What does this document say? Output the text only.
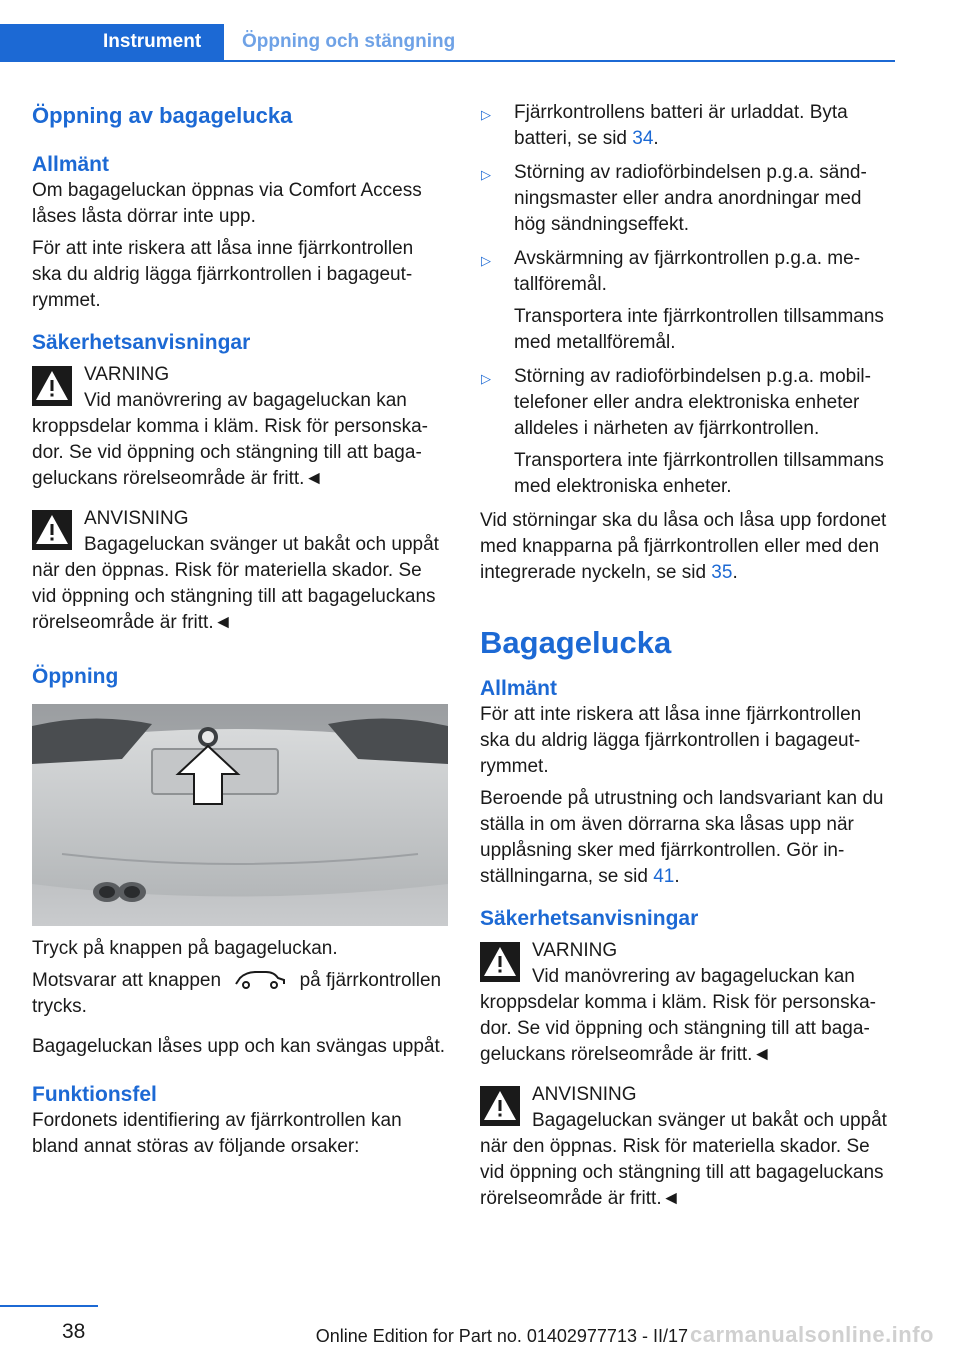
Instrument	Öppning och stängning
Öppning av bagagelucka
Allmänt

Om bagageluckan öppnas via Comfort Access låses låsta dörrar inte upp.

För att inte riskera att låsa inne fjärrkontrollen ska du aldrig lägga fjärrkontrollen i bagageutrymmet.

Säkerhetsanvisningar

VARNING

Vid manövrering av bagageluckan kan kroppsdelar komma i kläm. Risk för personskador. Se vid öppning och stängning till att bagageluckans rörelseområde är fritt.◄

ANVISNING

Bagageluckan svänger ut bakåt och uppåt när den öppnas. Risk för materiella skador. Se vid öppning och stängning till att bagageluckans rörelseområde är fritt.◄

Öppning

Tryck på knappen på bagageluckan.

Motsvarar att knappen	på fjärrkontrollen trycks.

Bagageluckan låses upp och kan svängas uppåt.

Funktionsfel

Fordonets identifiering av fjärrkontrollen kan bland annat störas av följande orsaker:

▷ Fjärrkontrollens batteri är urladdat. Byta batteri, se sid 34.
▷ Störning av radioförbindelsen p.g.a. sändningsmaster eller andra anordningar med hög sändningseffekt.
▷ Avskärmning av fjärrkontrollen p.g.a. metallföremål.
Transportera inte fjärrkontrollen tillsammans med metallföremål.
▷ Störning av radioförbindelsen p.g.a. mobiltelefoner eller andra elektroniska enheter alldeles i närheten av fjärrkontrollen.
Transportera inte fjärrkontrollen tillsammans med elektroniska enheter.

Vid störningar ska du låsa och låsa upp fordonet med knapparna på fjärrkontrollen eller med den integrerade nyckeln, se sid 35.

Bagagelucka
Allmänt

För att inte riskera att låsa inne fjärrkontrollen ska du aldrig lägga fjärrkontrollen i bagageutrymmet.

Beroende på utrustning och landsvariant kan du ställa in om även dörrarna ska låsas upp när upplåsning sker med fjärrkontrollen. Gör inställningarna, se sid 41.

Säkerhetsanvisningar

VARNING

Vid manövrering av bagageluckan kan kroppsdelar komma i kläm. Risk för personskador. Se vid öppning och stängning till att bagageluckans rörelseområde är fritt.◄

ANVISNING

Bagageluckan svänger ut bakåt och uppåt när den öppnas. Risk för materiella skador. Se vid öppning och stängning till att bagageluckans rörelseområde är fritt.◄

38	Online Edition for Part no. 01402977713 - II/17 carmanualsonline.info
